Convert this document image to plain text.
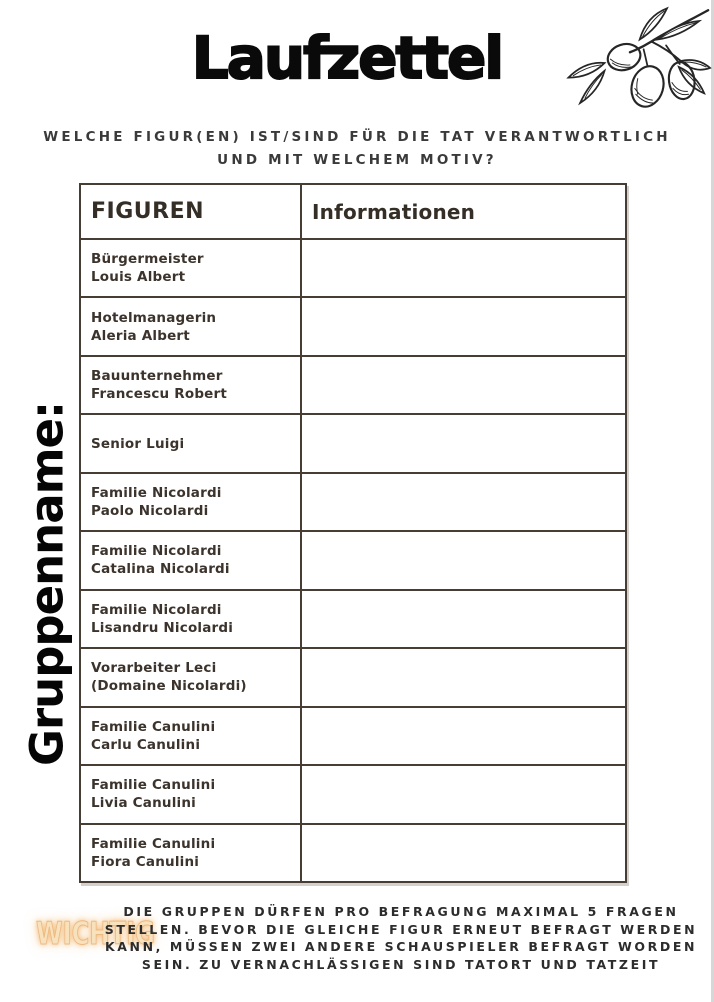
Laufzettel
WELCHE FIGUR(EN) IST/SIND FÜR DIE TAT VERANTWORTLICH
UND MIT WELCHEM MOTIV?
Gruppenname:
FIGUREN	Informationen

Bürgermeister
Louis Albert	

Hotelmanagerin
Aleria Albert	

Bauunternehmer
Francescu Robert	

Senior Luigi	

Familie Nicolardi
Paolo Nicolardi	

Familie Nicolardi
Catalina Nicolardi	

Familie Nicolardi
Lisandru Nicolardi	

Vorarbeiter Leci
(Domaine Nicolardi)	

Familie Canulini
Carlu Canulini	

Familie Canulini
Livia Canulini	

Familie Canulini
Fiora Canulini	

WICHTIG
DIE GRUPPEN DÜRFEN PRO BEFRAGUNG MAXIMAL 5 FRAGEN
STELLEN. BEVOR DIE GLEICHE FIGUR ERNEUT BEFRAGT WERDEN
KANN, MÜSSEN ZWEI ANDERE SCHAUSPIELER BEFRAGT WORDEN
SEIN. ZU VERNACHLÄSSIGEN SIND TATORT UND TATZEIT
